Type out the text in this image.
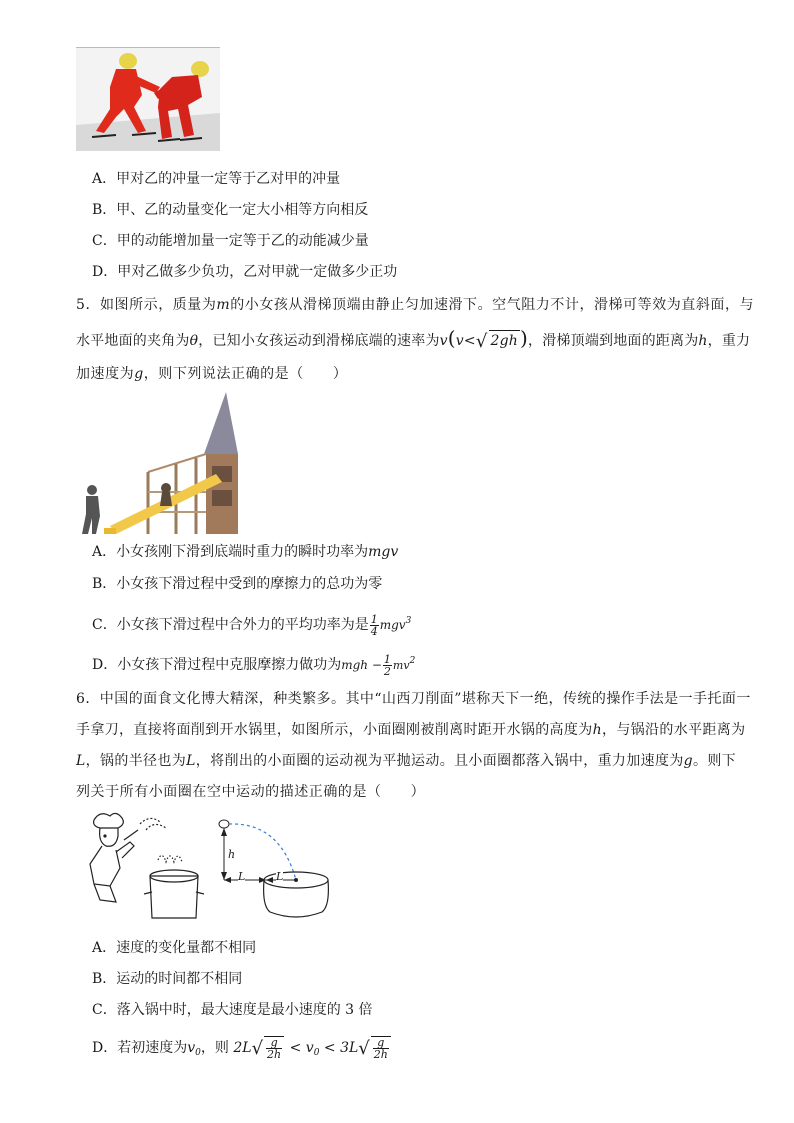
A．甲对乙的冲量一定等于乙对甲的冲量
B．甲、乙的动量变化一定大小相等方向相反
C．甲的动能增加量一定等于乙的动能减少量
D．甲对乙做多少负功，乙对甲就一定做多少正功
5．如图所示，质量为m的小女孩从滑梯顶端由静止匀加速滑下。空气阻力不计，滑梯可等效为直斜面，与
水平地面的夹角为θ，已知小女孩运动到滑梯底端的速率为v(v<√ 2gh )，滑梯顶端到地面的距离为h，重力
加速度为g，则下列说法正确的是（　　）
A．小女孩刚下滑到底端时重力的瞬时功率为mgv
B．小女孩下滑过程中受到的摩擦力的总功为零
C．小女孩下滑过程中合外力的平均功率为是 $\frac{1}{4} mgv^3$
D．小女孩下滑过程中克服摩擦力做功为mgh − $\frac{1}{2} mv^2$
6．中国的面食文化博大精深，种类繁多。其中“山西刀削面”堪称天下一绝，传统的操作手法是一手托面一
手拿刀，直接将面削到开水锅里，如图所示，小面圈刚被削离时距开水锅的高度为h，与锅沿的水平距离为
L，锅的半径也为L，将削出的小面圈的运动视为平抛运动。且小面圈都落入锅中，重力加速度为g。则下
列关于所有小面圈在空中运动的描述正确的是（　　）
h
L	L
A．速度的变化量都不相同
B．运动的时间都不相同
C．落入锅中时，最大速度是最小速度的 3 倍
D．若初速度为$v_0$，则 $2L√ \frac{g}{2h} < v_0 < 3L√ \frac{g}{2h}$
